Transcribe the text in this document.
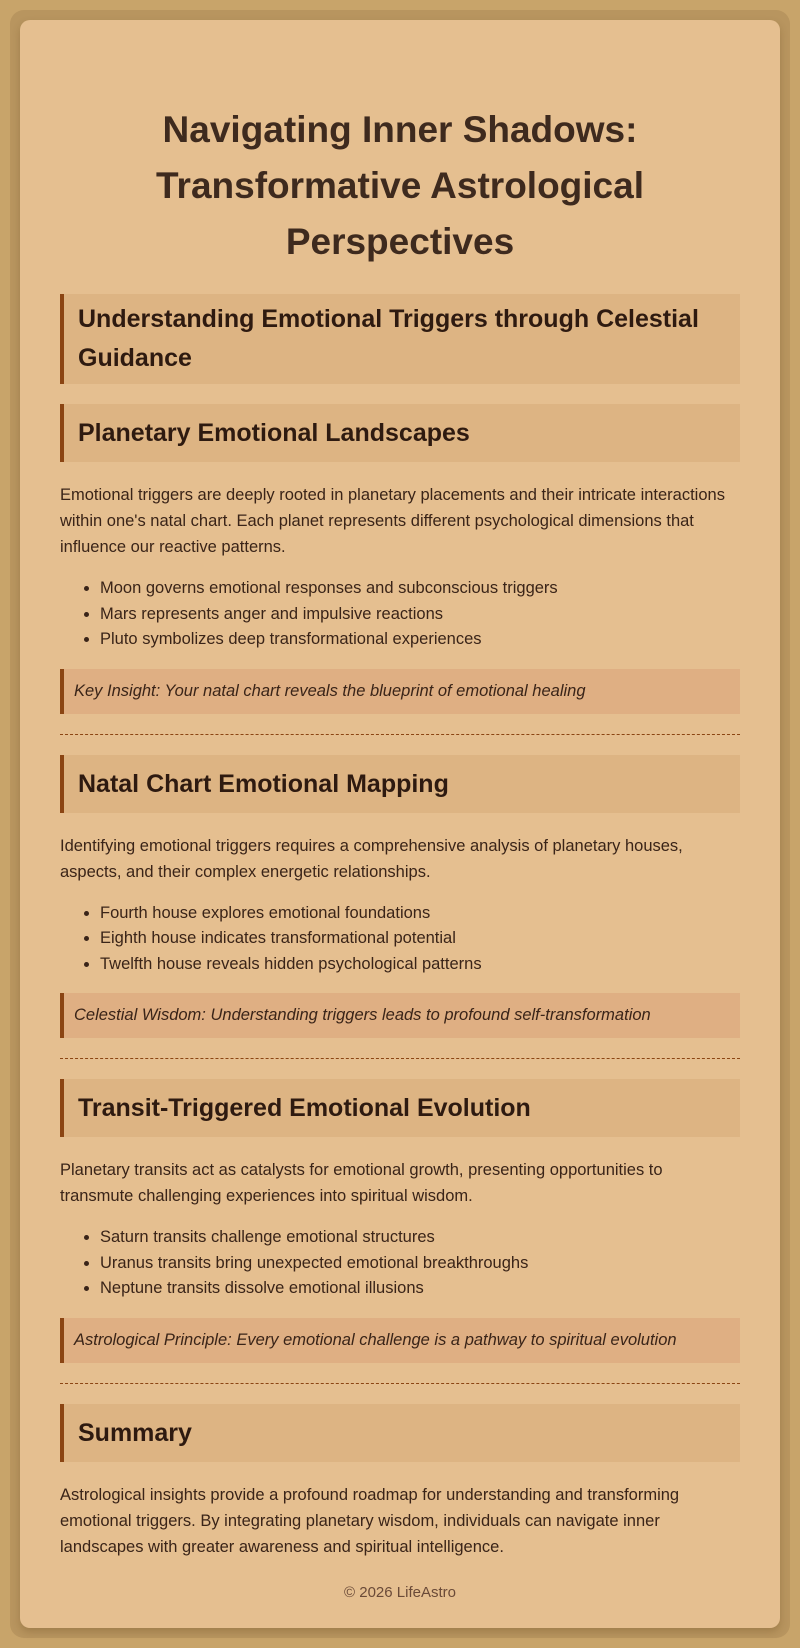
Navigating Inner Shadows:
Transformative Astrological
Perspectives
Understanding Emotional Triggers through Celestial Guidance
Planetary Emotional Landscapes

Emotional triggers are deeply rooted in planetary placements and their intricate interactions within one's natal chart. Each planet represents different psychological dimensions that influence our reactive patterns.

• Moon governs emotional responses and subconscious triggers
• Mars represents anger and impulsive reactions
• Pluto symbolizes deep transformational experiences
Key Insight: Your natal chart reveals the blueprint of emotional healing
Natal Chart Emotional Mapping

Identifying emotional triggers requires a comprehensive analysis of planetary houses, aspects, and their complex energetic relationships.

• Fourth house explores emotional foundations
• Eighth house indicates transformational potential
• Twelfth house reveals hidden psychological patterns
Celestial Wisdom: Understanding triggers leads to profound self-transformation
Transit-Triggered Emotional Evolution

Planetary transits act as catalysts for emotional growth, presenting opportunities to transmute challenging experiences into spiritual wisdom.

• Saturn transits challenge emotional structures
• Uranus transits bring unexpected emotional breakthroughs
• Neptune transits dissolve emotional illusions
Astrological Principle: Every emotional challenge is a pathway to spiritual evolution
Summary

Astrological insights provide a profound roadmap for understanding and transforming emotional triggers. By integrating planetary wisdom, individuals can navigate inner landscapes with greater awareness and spiritual intelligence.

© 2026 LifeAstro
